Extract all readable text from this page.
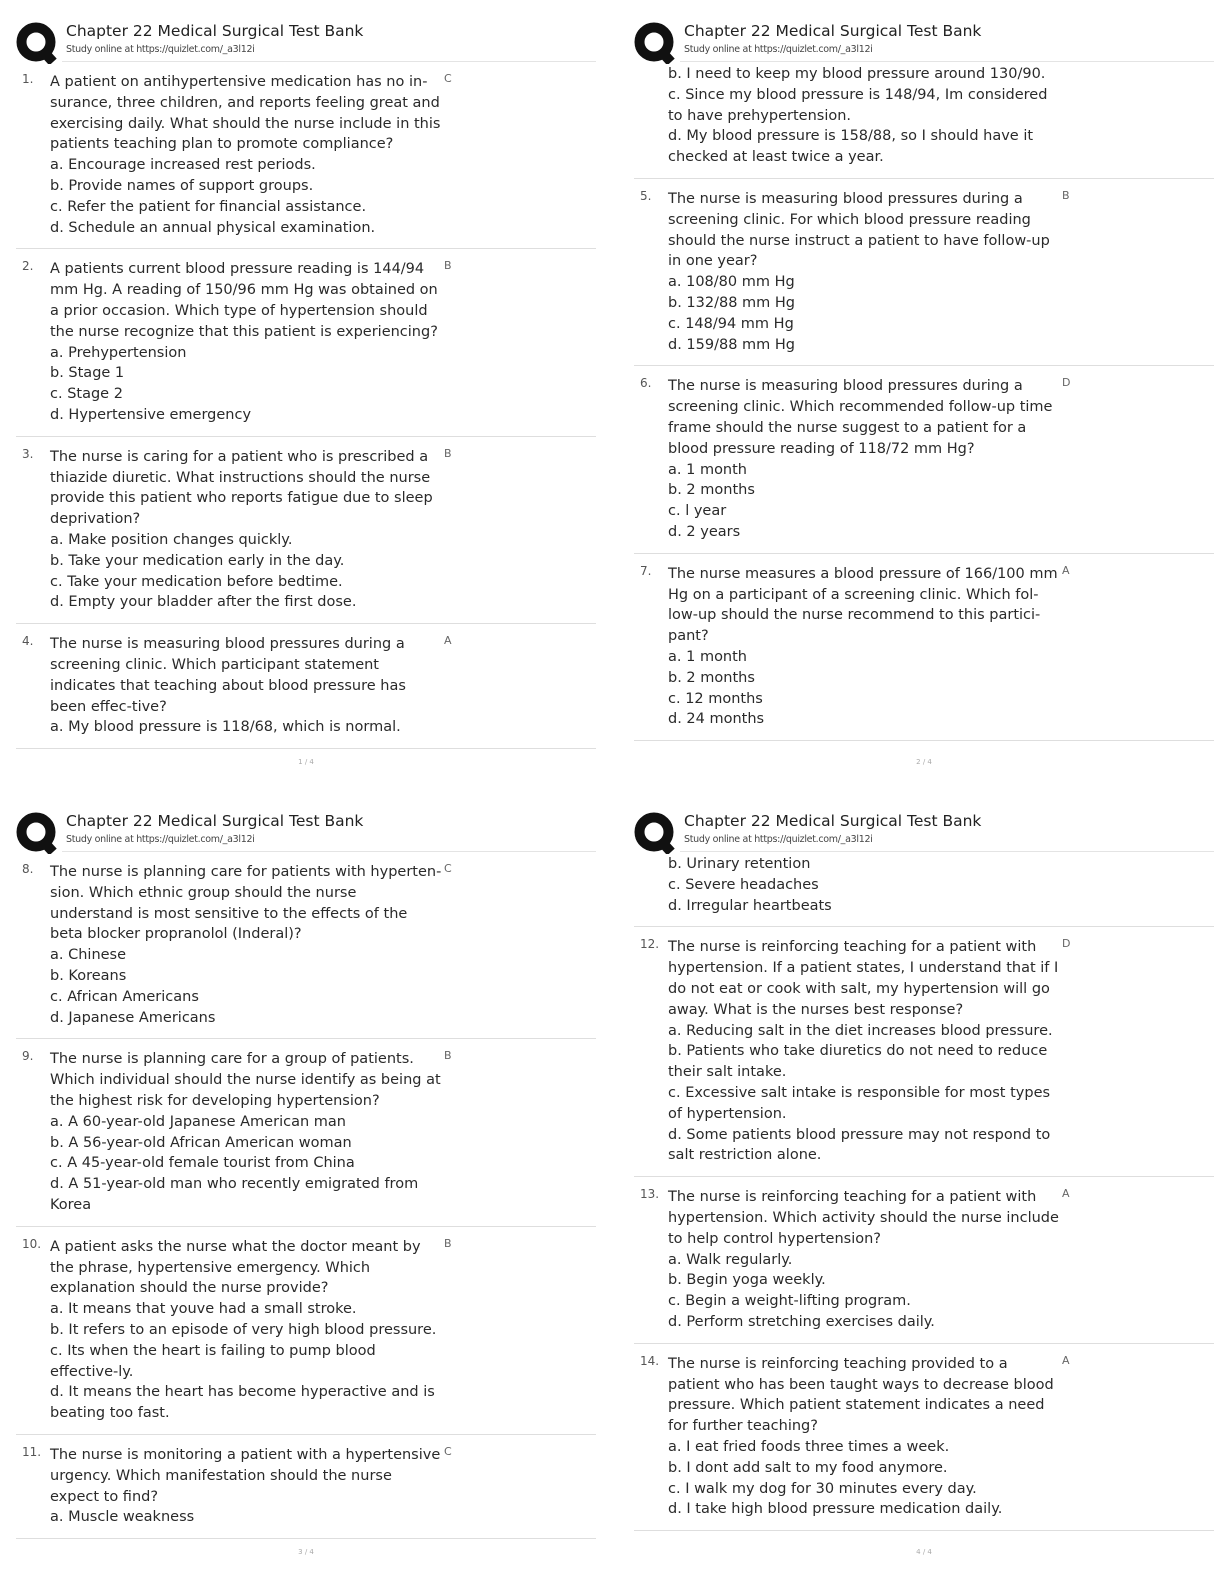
Chapter 22 Medical Surgical Test Bank
Study online at https://quizlet.com/_a3l12i
1.	C
A patient on antihypertensive medication has no in-surance, three children, and reports feeling great and exercising daily. What should the nurse include in this patients teaching plan to promote compliance?
a. Encourage increased rest periods.
b. Provide names of support groups.
c. Refer the patient for financial assistance.
d. Schedule an annual physical examination.
2.	B
A patients current blood pressure reading is 144/94 mm Hg. A reading of 150/96 mm Hg was obtained on a prior occasion. Which type of hypertension should the nurse recognize that this patient is experiencing?
a. Prehypertension
b. Stage 1
c. Stage 2
d. Hypertensive emergency
3.	B
The nurse is caring for a patient who is prescribed a thiazide diuretic. What instructions should the nurse provide this patient who reports fatigue due to sleep deprivation?
a. Make position changes quickly.
b. Take your medication early in the day.
c. Take your medication before bedtime.
d. Empty your bladder after the first dose.
4.	A
The nurse is measuring blood pressures during a screening clinic. Which participant statement indicates that teaching about blood pressure has been effec-tive?
a. My blood pressure is 118/68, which is normal.
1 / 4
Chapter 22 Medical Surgical Test Bank
Study online at https://quizlet.com/_a3l12i
b. I need to keep my blood pressure around 130/90.
c. Since my blood pressure is 148/94, Im considered to have prehypertension.
d. My blood pressure is 158/88, so I should have it checked at least twice a year.
5.	B
The nurse is measuring blood pressures during a screening clinic. For which blood pressure reading should the nurse instruct a patient to have follow-up in one year?
a. 108/80 mm Hg
b. 132/88 mm Hg
c. 148/94 mm Hg
d. 159/88 mm Hg
6.	D
The nurse is measuring blood pressures during a screening clinic. Which recommended follow-up time frame should the nurse suggest to a patient for a blood pressure reading of 118/72 mm Hg?
a. 1 month
b. 2 months
c. l year
d. 2 years
7.	A
The nurse measures a blood pressure of 166/100 mm Hg on a participant of a screening clinic. Which fol-low-up should the nurse recommend to this partici-pant?
a. 1 month
b. 2 months
c. 12 months
d. 24 months
2 / 4
Chapter 22 Medical Surgical Test Bank
Study online at https://quizlet.com/_a3l12i
8.	C
The nurse is planning care for patients with hyperten-sion. Which ethnic group should the nurse understand is most sensitive to the effects of the beta blocker propranolol (Inderal)?
a. Chinese
b. Koreans
c. African Americans
d. Japanese Americans
9.	B
The nurse is planning care for a group of patients. Which individual should the nurse identify as being at the highest risk for developing hypertension?
a. A 60-year-old Japanese American man
b. A 56-year-old African American woman
c. A 45-year-old female tourist from China
d. A 51-year-old man who recently emigrated from Korea
10.	B
A patient asks the nurse what the doctor meant by the phrase, hypertensive emergency. Which explanation should the nurse provide?
a. It means that youve had a small stroke.
b. It refers to an episode of very high blood pressure.
c. Its when the heart is failing to pump blood effective-ly.
d. It means the heart has become hyperactive and is beating too fast.
11.	C
The nurse is monitoring a patient with a hypertensive urgency. Which manifestation should the nurse expect to find?
a. Muscle weakness
3 / 4
Chapter 22 Medical Surgical Test Bank
Study online at https://quizlet.com/_a3l12i
b. Urinary retention
c. Severe headaches
d. Irregular heartbeats
12.	D
The nurse is reinforcing teaching for a patient with hypertension. If a patient states, I understand that if I do not eat or cook with salt, my hypertension will go away. What is the nurses best response?
a. Reducing salt in the diet increases blood pressure.
b. Patients who take diuretics do not need to reduce their salt intake.
c. Excessive salt intake is responsible for most types of hypertension.
d. Some patients blood pressure may not respond to salt restriction alone.
13.	A
The nurse is reinforcing teaching for a patient with hypertension. Which activity should the nurse include to help control hypertension?
a. Walk regularly.
b. Begin yoga weekly.
c. Begin a weight-lifting program.
d. Perform stretching exercises daily.
14.	A
The nurse is reinforcing teaching provided to a patient who has been taught ways to decrease blood pressure. Which patient statement indicates a need for further teaching?
a. I eat fried foods three times a week.
b. I dont add salt to my food anymore.
c. I walk my dog for 30 minutes every day.
d. I take high blood pressure medication daily.
4 / 4
